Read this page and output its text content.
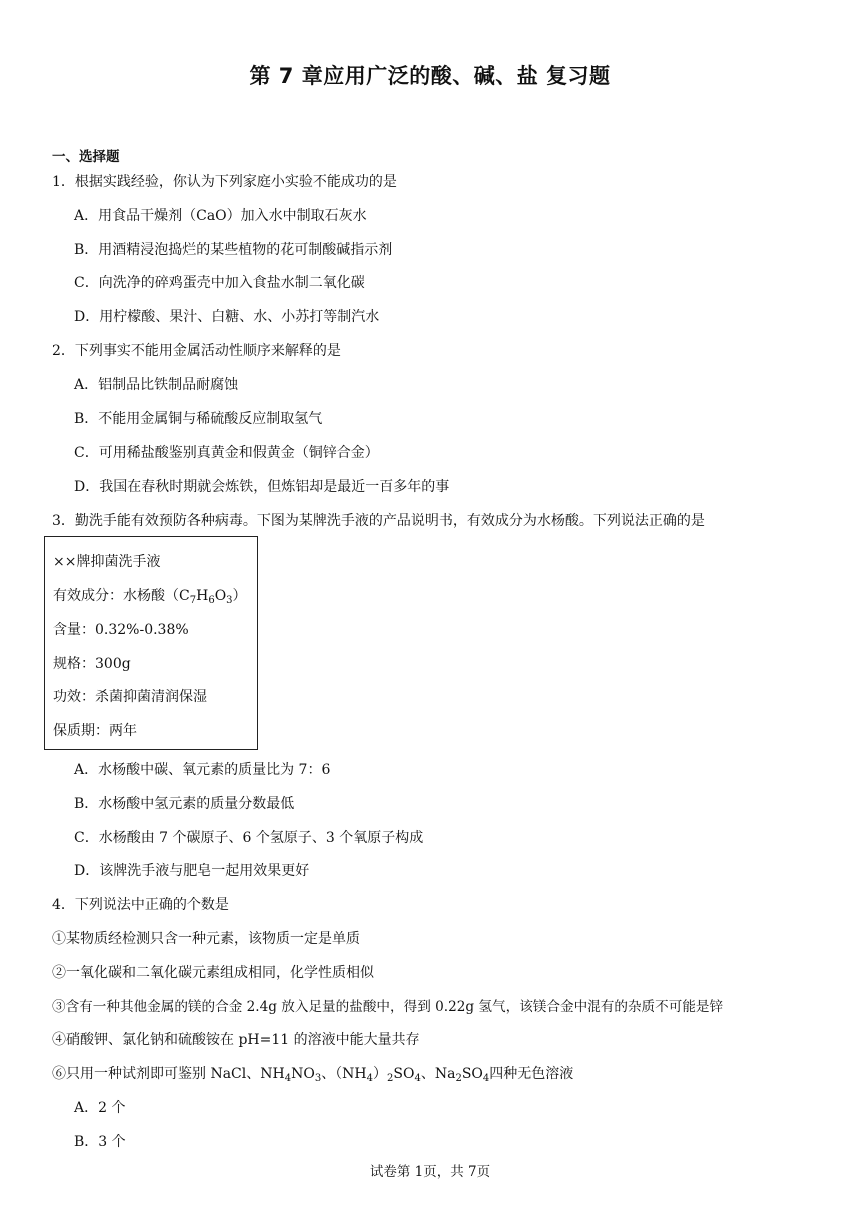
第 7 章应用广泛的酸、碱、盐 复习题
一、选择题
1．根据实践经验，你认为下列家庭小实验不能成功的是
A．用食品干燥剂（CaO）加入水中制取石灰水
B．用酒精浸泡捣烂的某些植物的花可制酸碱指示剂
C．向洗净的碎鸡蛋壳中加入食盐水制二氧化碳
D．用柠檬酸、果汁、白糖、水、小苏打等制汽水
2．下列事实不能用金属活动性顺序来解释的是
A．铝制品比铁制品耐腐蚀
B．不能用金属铜与稀硫酸反应制取氢气
C．可用稀盐酸鉴别真黄金和假黄金（铜锌合金）
D．我国在春秋时期就会炼铁，但炼铝却是最近一百多年的事
3．勤洗手能有效预防各种病毒。下图为某牌洗手液的产品说明书，有效成分为水杨酸。下列说法正确的是
××牌抑菌洗手液
有效成分：水杨酸$(C_7H_6O_3)$
含量：0.32%-0.38%
规格：300g
功效：杀菌抑菌清润保湿
保质期：两年
A．水杨酸中碳、氧元素的质量比为 7：6
B．水杨酸中氢元素的质量分数最低
C．水杨酸由 7 个碳原子、6 个氢原子、3 个氧原子构成
D．该牌洗手液与肥皂一起用效果更好
4．下列说法中正确的个数是
①某物质经检测只含一种元素，该物质一定是单质
②一氧化碳和二氧化碳元素组成相同，化学性质相似
③含有一种其他金属的镁的合金 2.4g 放入足量的盐酸中，得到 0.22g 氢气，该镁合金中混有的杂质不可能是锌
④硝酸钾、氯化钠和硫酸铵在 pH=11 的溶液中能大量共存
⑥只用一种试剂即可鉴别 NaCl、$NH_4NO_3$、$(NH_4)_2SO_4$、$Na_2SO_4$四种无色溶液
A．2 个
B．3 个
试卷第 1页，共 7页
